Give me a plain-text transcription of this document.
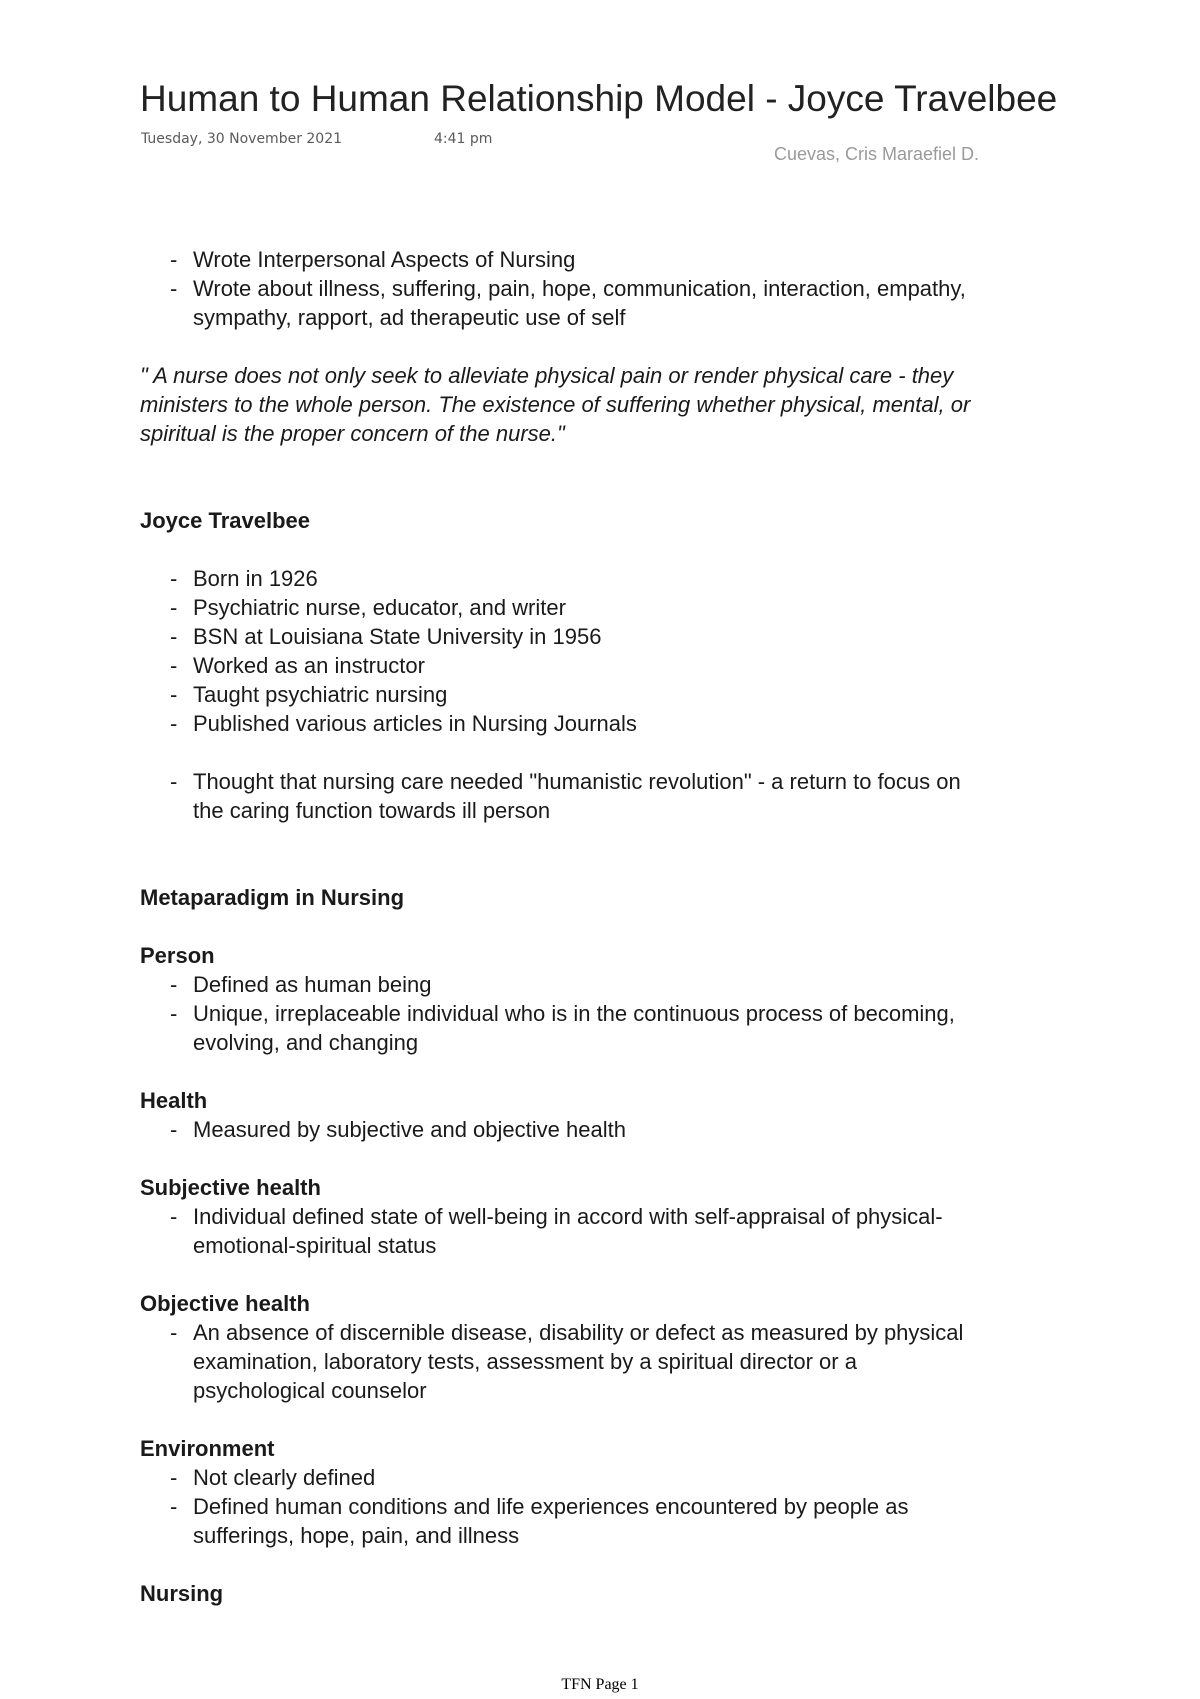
Human to Human Relationship Model - Joyce Travelbee
Tuesday, 30 November 2021	4:41 pm
Cuevas, Cris Maraefiel D.
- Wrote Interpersonal Aspects of Nursing
- Wrote about illness, suffering, pain, hope, communication, interaction, empathy, sympathy, rapport, ad therapeutic use of self

" A nurse does not only seek to alleviate physical pain or render physical care - they ministers to the whole person. The existence of suffering whether physical, mental, or spiritual is the proper concern of the nurse."

Joyce Travelbee

- Born in 1926
- Psychiatric nurse, educator, and writer
- BSN at Louisiana State University in 1956
- Worked as an instructor
- Taught psychiatric nursing
- Published various articles in Nursing Journals
- Thought that nursing care needed "humanistic revolution" - a return to focus on the caring function towards ill person

Metaparadigm in Nursing

Person

- Defined as human being
- Unique, irreplaceable individual who is in the continuous process of becoming, evolving, and changing

Health

- Measured by subjective and objective health

Subjective health

- Individual defined state of well-being in accord with self-appraisal of physical-emotional-spiritual status

Objective health

- An absence of discernible disease, disability or defect as measured by physical examination, laboratory tests, assessment by a spiritual director or a psychological counselor

Environment

- Not clearly defined
- Defined human conditions and life experiences encountered by people as sufferings, hope, pain, and illness

Nursing

TFN Page 1
